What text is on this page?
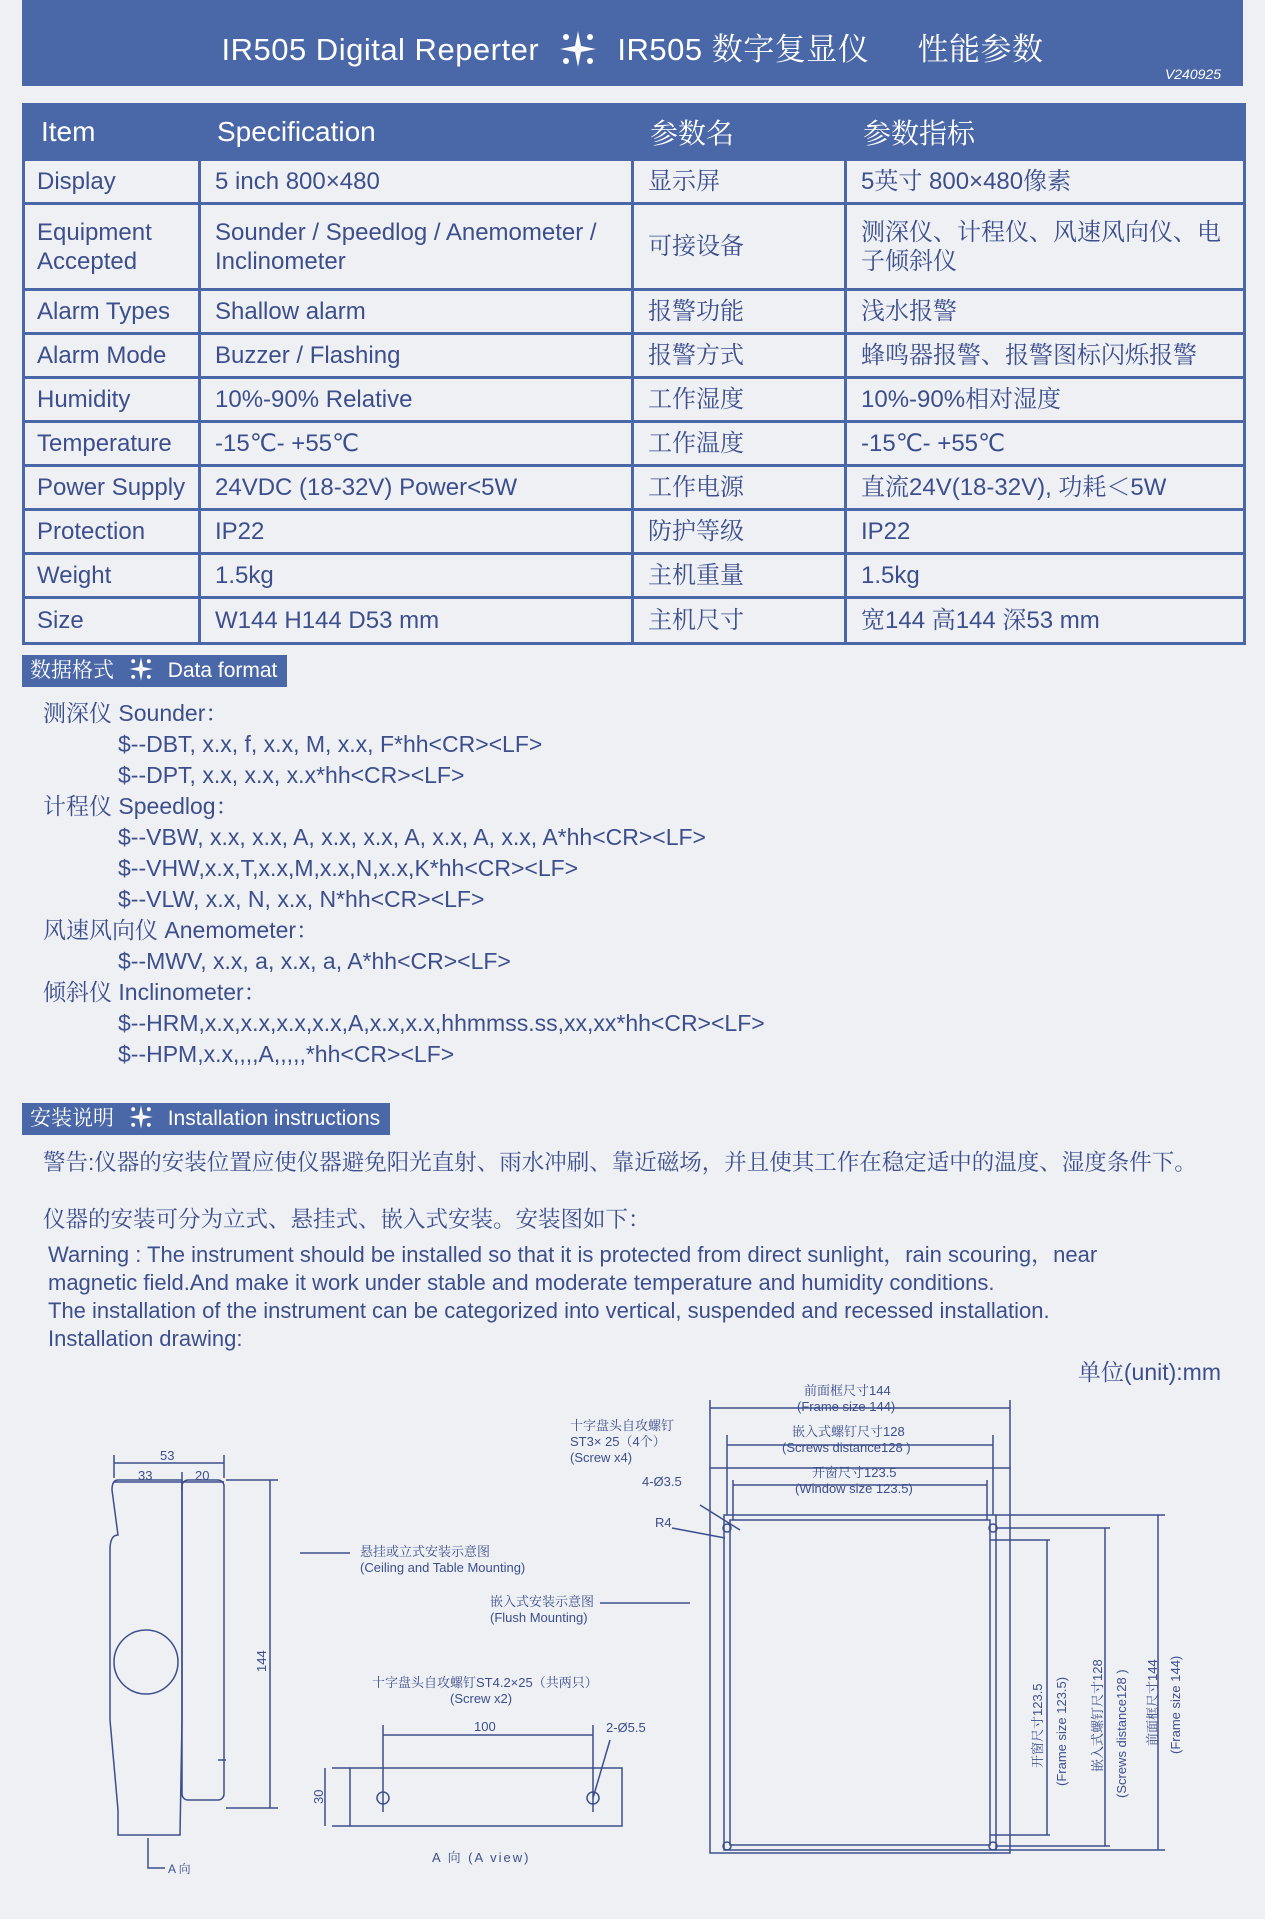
IR505 Digital Reperter	IR505 数字复显仪 性能参数
V240925
Item	Specification	参数名	参数指标
Display	5 inch 800×480	显示屏	5英寸 800×480像素
Equipment Accepted	Sounder / Speedlog / Anemometer / Inclinometer	可接设备	测深仪、计程仪、风速风向仪、电子倾斜仪
Alarm Types	Shallow alarm	报警功能	浅水报警
Alarm Mode	Buzzer / Flashing	报警方式	蜂鸣器报警、报警图标闪烁报警
Humidity	10%-90% Relative	工作湿度	10%-90%相对湿度
Temperature	-15℃- +55℃	工作温度	-15℃- +55℃
Power Supply	24VDC (18-32V) Power<5W	工作电源	直流24V(18-32V), 功耗＜5W
Protection	IP22	防护等级	IP22
Weight	1.5kg	主机重量	1.5kg
Size	W144 H144 D53 mm	主机尺寸	宽144 高144 深53 mm
数据格式	Data format
测深仪 Sounder：
$--DBT, x.x, f, x.x, M, x.x, F*hh<CR><LF>
$--DPT, x.x, x.x, x.x*hh<CR><LF>
计程仪 Speedlog：
$--VBW, x.x, x.x, A, x.x, x.x, A, x.x, A, x.x, A*hh<CR><LF>
$--VHW,x.x,T,x.x,M,x.x,N,x.x,K*hh<CR><LF>
$--VLW, x.x, N, x.x, N*hh<CR><LF>
风速风向仪 Anemometer：
$--MWV, x.x, a, x.x, a, A*hh<CR><LF>
倾斜仪 Inclinometer：
$--HRM,x.x,x.x,x.x,x.x,A,x.x,x.x,hhmmss.ss,xx,xx*hh<CR><LF>
$--HPM,x.x,,,,A,,,,,*hh<CR><LF>
安装说明	Installation instructions
警告:仪器的安装位置应使仪器避免阳光直射、雨水冲刷、靠近磁场，并且使其工作在稳定适中的温度、湿度条件下。
仪器的安装可分为立式、悬挂式、嵌入式安装。安装图如下：
Warning : The instrument should be installed so that it is protected from direct sunlight，rain scouring，near
magnetic field.And make it work under stable and moderate temperature and humidity conditions.
The installation of the instrument can be categorized into vertical, suspended and recessed installation.
Installation drawing:
单位(unit):mm
53
33	20
144
A 向
悬挂或立式安装示意图
(Ceiling and Table Mounting)
嵌入式安装示意图
(Flush Mounting)
十字盘头自攻螺钉
ST3× 25（4个）
(Screw x4)
4-Ø3.5
R4
十字盘头自攻螺钉ST4.2×25（共两只）
(Screw x2)
100	2-Ø5.5
30
A 向 (A view)
前面框尺寸144
(Frame size 144)
嵌入式螺钉尺寸128
(Screws distance128 )
开窗尺寸123.5
(Window size 123.5)
开窗尺寸123.5 (Frame size 123.5) 嵌入式螺钉尺寸128 (Screws distance128 ) 前面框尺寸144 (Frame size 144)
